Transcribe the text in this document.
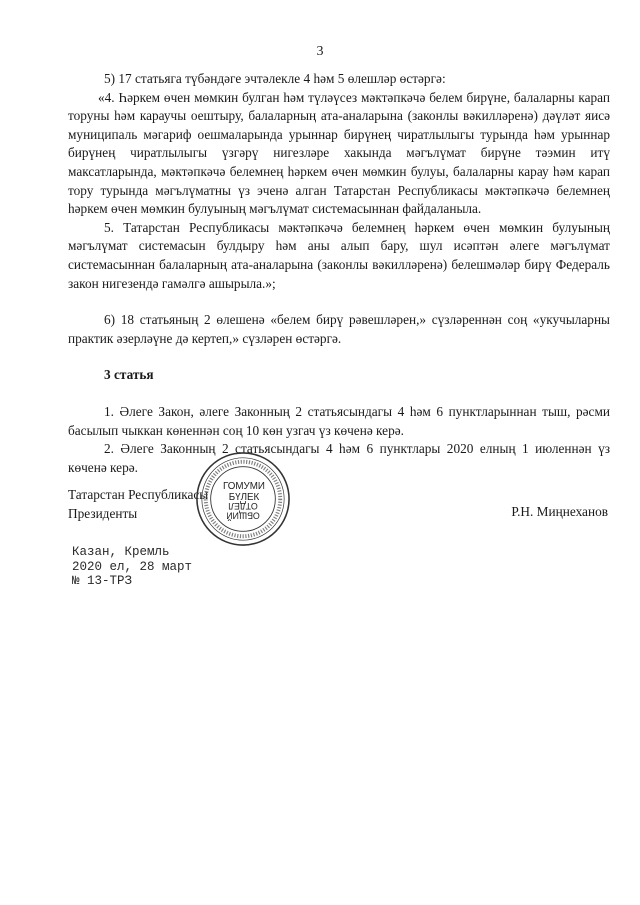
3

5) 17 статьяга түбәндәге эчтәлекле 4 һәм 5 өлешләр өстәргә:

«4. Һәркем өчен мөмкин булган һәм түләүсез мәктәпкәчә белем бирүне, балаларны карап торуны һәм караучы оештыру, балаларның ата-аналарына (законлы вәкилләренә) дәүләт яисә муниципаль мәгариф оешмаларында урыннар бирүнең чиратлылыгы турында һәм урыннар бирүнең чиратлылыгы үзгәрү нигезләре хакында мәгълүмат бирүне тәэмин итү максатларында, мәктәпкәчә белемнең һәркем өчен мөмкин булуы, балаларны карау һәм карап тору турында мәгълүматны үз эченә алган Татарстан Республикасы мәктәпкәчә белемнең һәркем өчен мөмкин булуының мәгълүмат системасыннан файдаланыла.

5. Татарстан Республикасы мәктәпкәчә белемнең һәркем өчен мөмкин булуының мәгълүмат системасын булдыру һәм аны алып бару, шул исәптән әлеге мәгълүмат системасыннан балаларның ата-аналарына (законлы вәкилләренә) белешмәләр бирү Федераль закон нигезендә гамәлгә ашырыла.»;

6) 18 статьяның 2 өлешенә «белем бирү рәвешләрен,» сүзләреннән соң «укучыларны практик әзерләүне дә кертеп,» сүзләрен өстәргә.

3 статья

1. Әлеге Закон, әлеге Законның 2 статьясындагы 4 һәм 6 пунктларыннан тыш, рәсми басылып чыккан көненнән соң 10 көн узгач үз көченә керә.

2. Әлеге Законның 2 статьясындагы 4 һәм 6 пунктлары 2020 елның 1 июленнән үз көченә керә.

Татарстан Республикасы
Президенты	Р.Н. Миңнеханов
ГОМУМИ
БҮЛЕК
ОБЩИЙ
ОТДЕЛ
Казан, Кремль
2020 ел, 28 март
№ 13-ТРЗ
